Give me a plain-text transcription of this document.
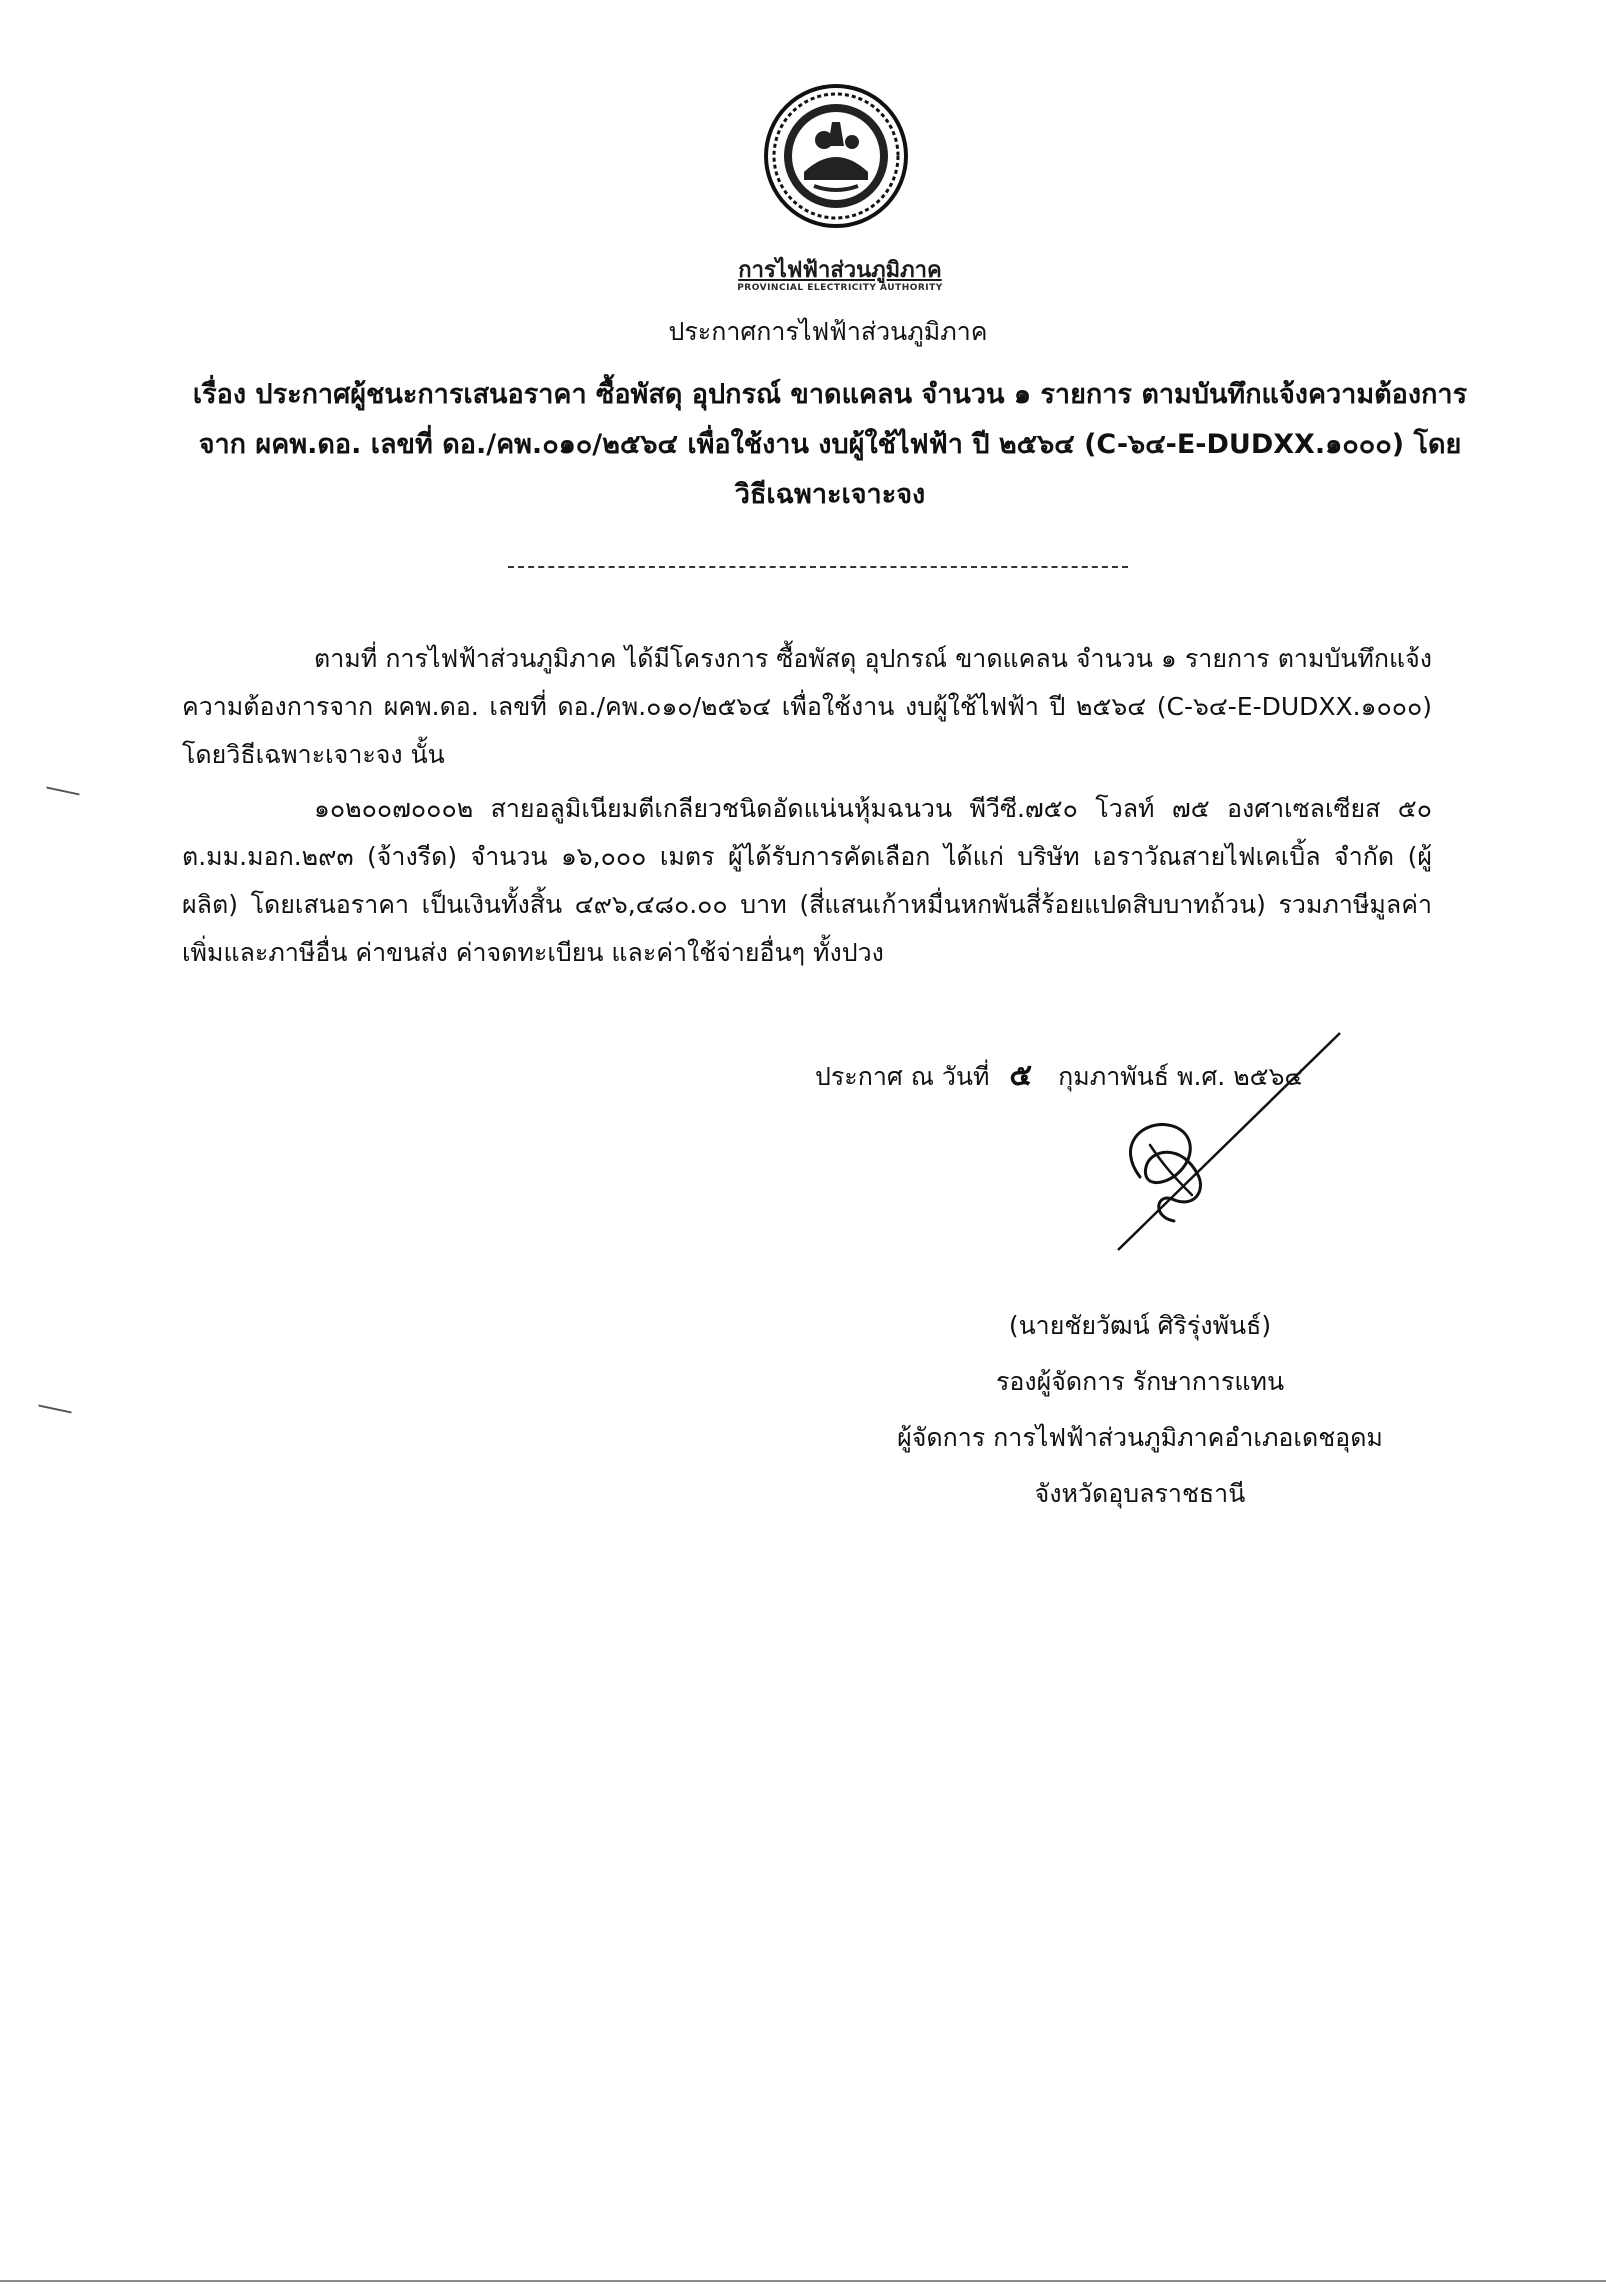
การไฟฟ้าส่วนภูมิภาค
PROVINCIAL ELECTRICITY AUTHORITY
ประกาศการไฟฟ้าส่วนภูมิภาค
เรื่อง ประกาศผู้ชนะการเสนอราคา ซื้อพัสดุ อุปกรณ์ ขาดแคลน จำนวน ๑ รายการ ตามบันทึกแจ้งความต้องการ
จาก ผคพ.ดอ. เลขที่ ดอ./คพ.๐๑๐/๒๕๖๔ เพื่อใช้งาน งบผู้ใช้ไฟฟ้า ปี ๒๕๖๔ (C-๖๔-E-DUDXX.๑๐๐๐) โดย
วิธีเฉพาะเจาะจง

ตามที่ การไฟฟ้าส่วนภูมิภาค ได้มีโครงการ ซื้อพัสดุ อุปกรณ์ ขาดแคลน จำนวน ๑ รายการ ตามบันทึกแจ้งความต้องการจาก ผคพ.ดอ. เลขที่ ดอ./คพ.๐๑๐/๒๕๖๔ เพื่อใช้งาน งบผู้ใช้ไฟฟ้า ปี ๒๕๖๔ (C-๖๔-E-DUDXX.๑๐๐๐) โดยวิธีเฉพาะเจาะจง นั้น

๑๐๒๐๐๗๐๐๐๒ สายอลูมิเนียมตีเกลียวชนิดอัดแน่นหุ้มฉนวน พีวีซี.๗๕๐ โวลท์ ๗๕ องศาเซลเซียส ๕๐ ต.มม.มอก.๒๙๓ (จ้างรีด) จำนวน ๑๖,๐๐๐ เมตร ผู้ได้รับการคัดเลือก ได้แก่ บริษัท เอราวัณสายไฟเคเบิ้ล จำกัด (ผู้ผลิต) โดยเสนอราคา เป็นเงินทั้งสิ้น ๔๙๖,๔๘๐.๐๐ บาท (สี่แสนเก้าหมื่นหกพันสี่ร้อยแปดสิบบาทถ้วน) รวมภาษีมูลค่าเพิ่มและภาษีอื่น ค่าขนส่ง ค่าจดทะเบียน และค่าใช้จ่ายอื่นๆ ทั้งปวง

ประกาศ ณ วันที่ ๕ กุมภาพันธ์ พ.ศ. ๒๕๖๔
(นายชัยวัฒน์ ศิริรุ่งพันธ์)
รองผู้จัดการ รักษาการแทน
ผู้จัดการ การไฟฟ้าส่วนภูมิภาคอำเภอเดชอุดม
จังหวัดอุบลราชธานี
